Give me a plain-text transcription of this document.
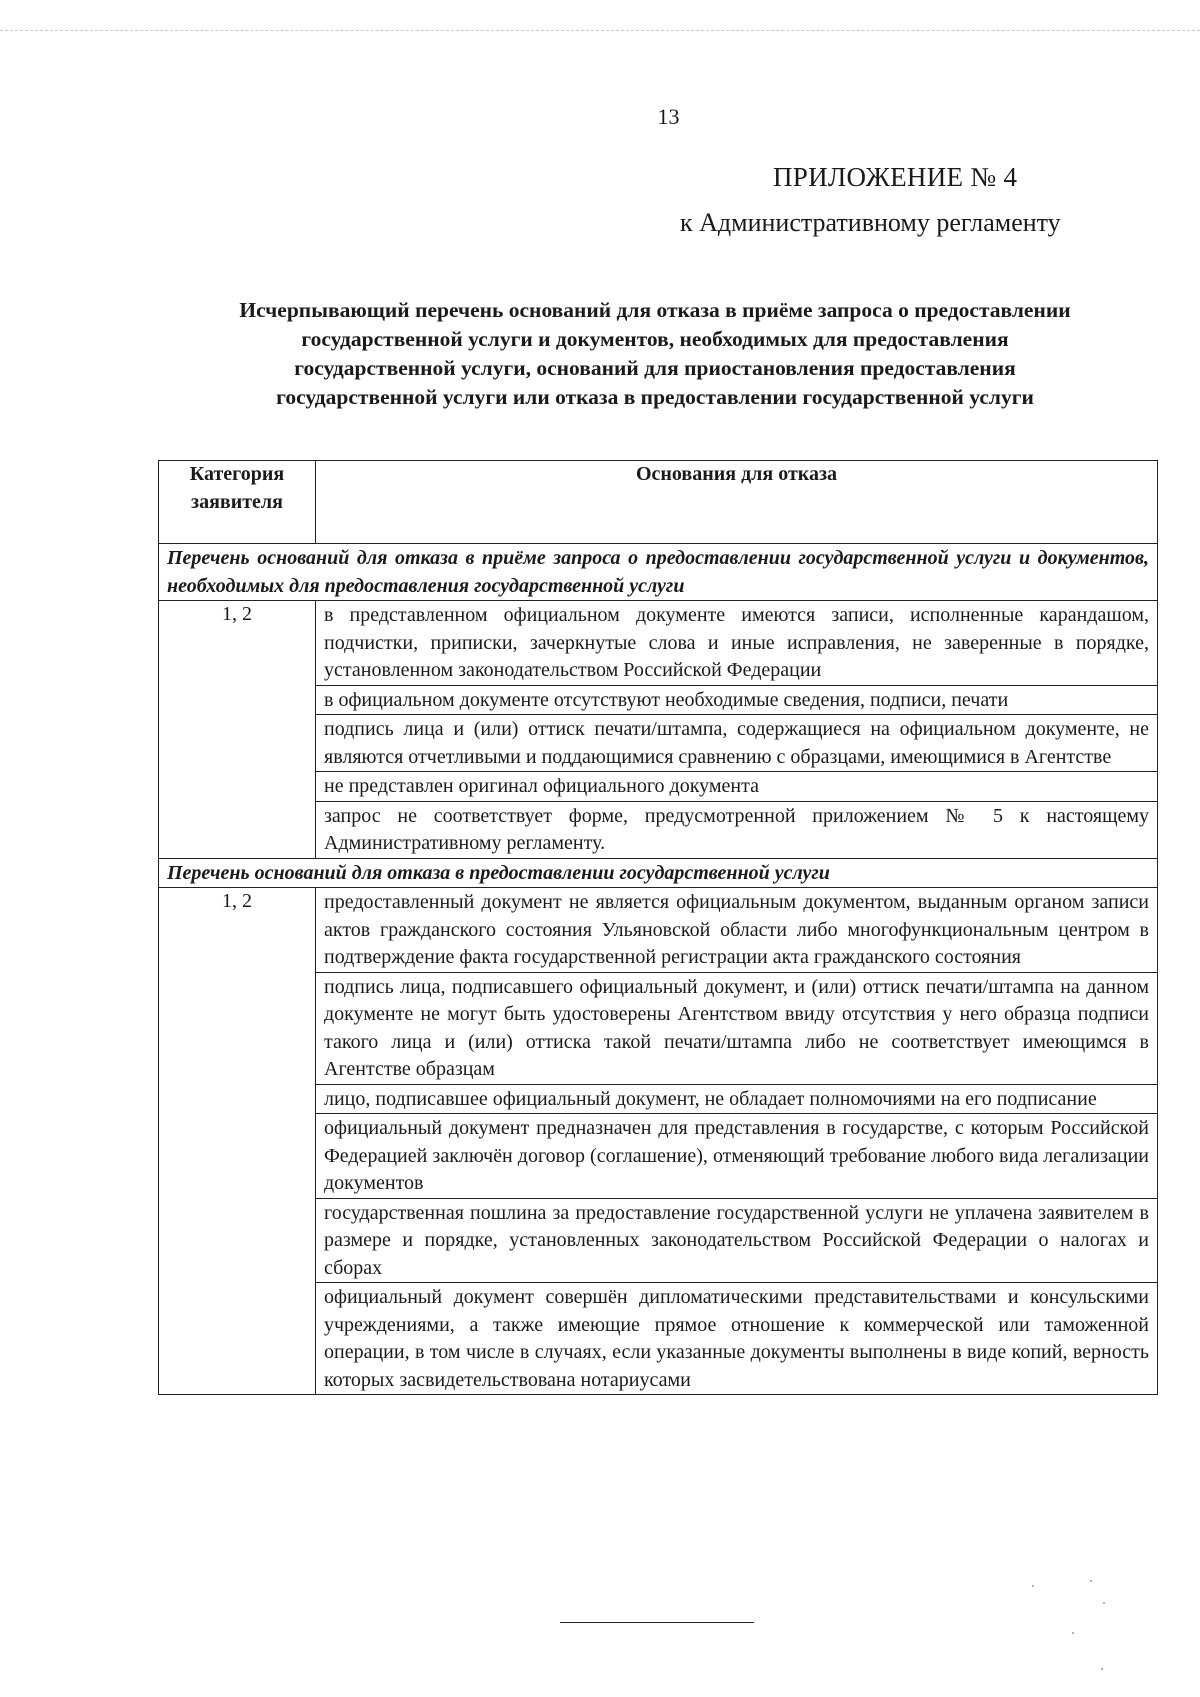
13
ПРИЛОЖЕНИЕ № 4
к Административному регламенту
Исчерпывающий перечень оснований для отказа в приёме запроса о предоставлении
государственной услуги и документов, необходимых для предоставления
государственной услуги, оснований для приостановления предоставления
государственной услуги или отказа в предоставлении государственной услуги
Категория заявителя	Основания для отказа
Перечень оснований для отказа в приёме запроса о предоставлении государственной услуги и документов, необходимых для предоставления государственной услуги	
1, 2	в представленном официальном документе имеются записи, исполненные карандашом, подчистки, приписки, зачеркнутые слова и иные исправления, не заверенные в порядке, установленном законодательством Российской Федерации
	в официальном документе отсутствуют необходимые сведения, подписи, печати
	подпись лица и (или) оттиск печати/штампа, содержащиеся на официальном документе, не являются отчетливыми и поддающимися сравнению с образцами, имеющимися в Агентстве
	не представлен оригинал официального документа
	запрос не соответствует форме, предусмотренной приложением № 5 к настоящему Административному регламенту.
Перечень оснований для отказа в предоставлении государственной услуги	
1, 2	предоставленный документ не является официальным документом, выданным органом записи актов гражданского состояния Ульяновской области либо многофункциональным центром в подтверждение факта государственной регистрации акта гражданского состояния
	подпись лица, подписавшего официальный документ, и (или) оттиск печати/штампа на данном документе не могут быть удостоверены Агентством ввиду отсутствия у него образца подписи такого лица и (или) оттиска такой печати/штампа либо не соответствует имеющимся в Агентстве образцам
	лицо, подписавшее официальный документ, не обладает полномочиями на его подписание
	официальный документ предназначен для представления в государстве, с которым Российской Федерацией заключён договор (соглашение), отменяющий требование любого вида легализации документов
	государственная пошлина за предоставление государственной услуги не уплачена заявителем в размере и порядке, установленных законодательством Российской Федерации о налогах и сборах
	официальный документ совершён дипломатическими представительствами и консульскими учреждениями, а также имеющие прямое отношение к коммерческой или таможенной операции, в том числе в случаях, если указанные документы выполнены в виде копий, верность которых засвидетельствована нотариусами
